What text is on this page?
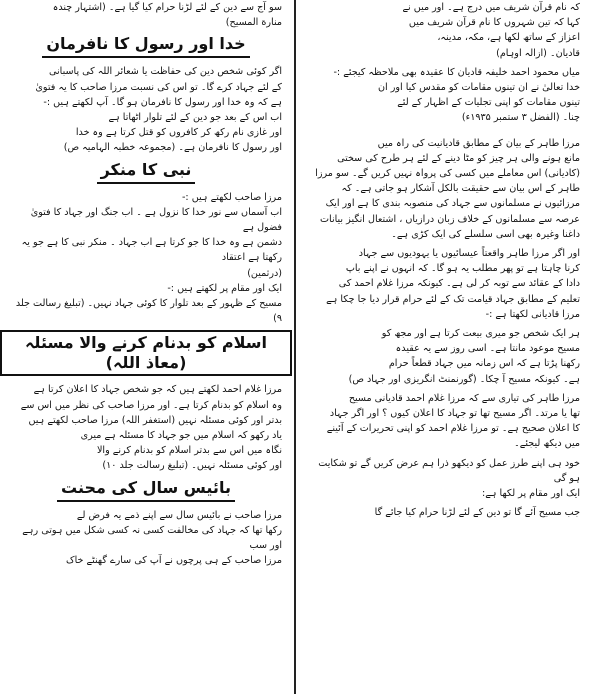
سو آج سے دین کے لئے لڑنا حرام کیا گیا ہے۔ (اشتہار چندہ
منارة المسیح)

خدا اور رسول کا نافرمان

اگر کوئی شخص دین کی حفاظت یا شعائر اللہ کی پاسبانی
کے لئے جہاد کرے گا۔ تو اس کی نسبت مرزا صاحب کا یہ فتویٰ
ہے کہ وہ خدا اور رسول کا نافرمان ہو گا۔ آپ لکھتے ہیں :-
اب اس کے بعد جو دین کے لئے تلوار اٹھاتا ہے
اور غازی نام رکھ کر کافروں کو قتل کرتا ہے وہ خدا
اور رسول کا نافرمان ہے۔ (مجموعہ خطبہ الہامیہ ص)

نبی کا منکر

مرزا صاحب لکھتے ہیں :-
اب آسماں سے نور خدا کا نزول ہے ۔ اب جنگ اور جہاد کا فتویٰ فضول ہے
دشمن ہے وہ خدا کا جو کرتا ہے اب جہاد ۔ منکر نبی کا ہے جو یہ رکھتا ہے اعتقاد
(درثمین)
ایک اور مقام پر لکھتے ہیں :-
مسیح کے ظہور کے بعد تلوار کا کوئی جہاد نہیں۔ (تبلیغ رسالت جلد ۹)

اسلام کو بدنام کرنے والا مسئلہ (معاذ اللہ)

مرزا غلام احمد لکھتے ہیں کہ جو شخص جہاد کا اعلان کرتا ہے
وہ اسلام کو بدنام کرتا ہے۔ اور مرزا صاحب کی نظر میں اس سے
بدتر اور کوئی مسئلہ نہیں (استغفر اللہ) مرزا صاحب لکھتے ہیں
یاد رکھو کہ اسلام میں جو جہاد کا مسئلہ ہے میری
نگاہ میں اس سے بدتر اسلام کو بدنام کرنے والا
اور کوئی مسئلہ نہیں۔ (تبلیغ رسالت جلد ۱۰)

بائیس سال کی محنت

مرزا صاحب نے بائیس سال سے اپنے ذمے یہ فرض لے
رکھا تھا کہ جہاد کی مخالفت کسی نہ کسی شکل میں ہوتی رہے اور سب
مرزا صاحب کے ہی پرچوں نے آپ کی سارے گھنٹے خاک

کہ نام قرآن شریف میں درج ہے۔ اور میں نے
کہا کہ تین شہروں کا نام قرآن شریف میں
اعزاز کے ساتھ لکھا ہے، مکہ، مدینہ،
قادیان۔ (ازالہ اوہام)

میاں محمود احمد خلیفہ قادیان کا عقیدہ بھی ملاحظہ کیجئے :-
خدا تعالیٰ نے ان تینوں مقامات کو مقدس کیا اور ان
تینوں مقامات کو اپنی تجلیات کے اظہار کے لئے
چنا۔ (الفضل ۳ ستمبر ۱۹۳۵ء)

مرزا طاہر کے بیان کے مطابق قادیانیت کی راہ میں
مانع ہونے والی ہر چیز کو مٹا دینے کے لئے ہر طرح کی سختی
(کادیانی) اس معاملے میں کسی کی پرواہ نہیں کریں گے۔ سو مرزا
طاہر کے اس بیان سے حقیقت بالکل آشکار ہو جاتی ہے۔ کہ
مرزائیوں نے مسلمانوں سے جہاد کی منصوبہ بندی کا ہے اور ایک
عرصہ سے مسلمانوں کے خلاف زبان درازیاں ، اشتعال انگیز بیانات
داغنا وغیرہ بھی اسی سلسلے کی ایک کڑی ہے۔

اور اگر مرزا طاہر واقعتاً عیسائیوں یا یہودیوں سے جہاد
کرنا چاہتا ہے تو پھر مطلب یہ ہو گا۔ کہ انہوں نے اپنے باپ
دادا کے عقائد سے توبہ کر لی ہے۔ کیونکہ مرزا غلام احمد کی
تعلیم کے مطابق جہاد قیامت تک کے لئے حرام قرار دیا جا چکا ہے
مرزا قادیانی لکھتا ہے :-

ہر ایک شخص جو میری بیعت کرتا ہے اور مجھ کو
مسیح موعود مانتا ہے۔ اسی روز سے یہ عقیدہ
رکھنا پڑتا ہے کہ اس زمانہ میں جہاد قطعاً حرام
ہے۔ کیونکہ مسیح آ چکا۔ (گورنمنٹ انگریزی اور جہاد ص)

مرزا طاہر کی تیاری سے کہ مرزا غلام احمد قادیانی مسیح
تھا یا مرتد۔ اگر مسیح تھا تو جہاد کا اعلان کیوں ؟ اور اگر جہاد
کا اعلان صحیح ہے۔ تو مرزا غلام احمد کو اپنی تحریرات کے آئینے
میں دیکھ لیجئے۔

خود ہی اپنے طرز عمل کو دیکھو ذرا ہم عرض کریں گے تو شکایت ہو گی
ایک اور مقام پر لکھا ہے:

جب مسیح آئے گا تو دین کے لئے لڑنا حرام کیا جائے گا
